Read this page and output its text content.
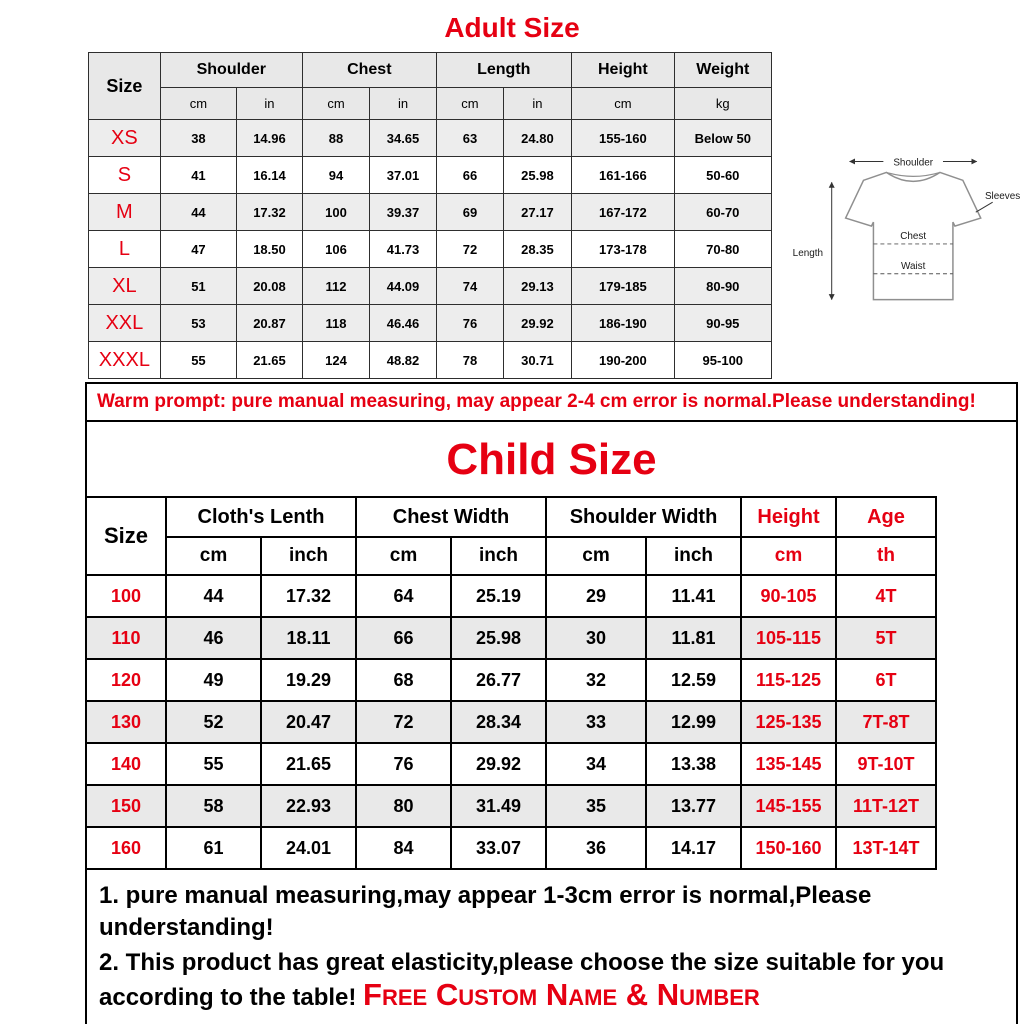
Adult Size
Size	Shoulder		Chest		Length		Height	Weight
	cm	in	cm	in	cm	in	cm	kg
XS	38	14.96	88	34.65	63	24.80	155-160	Below 50
S	41	16.14	94	37.01	66	25.98	161-166	50-60
M	44	17.32	100	39.37	69	27.17	167-172	60-70
L	47	18.50	106	41.73	72	28.35	173-178	70-80
XL	51	20.08	112	44.09	74	29.13	179-185	80-90
XXL	53	20.87	118	46.46	76	29.92	186-190	90-95
XXXL	55	21.65	124	48.82	78	30.71	190-200	95-100
Shoulder
Sleeves
Chest
Waist
Length
Warm prompt: pure manual measuring, may appear 2-4 cm error is normal.Please understanding!
Child Size
Size	Cloth's Lenth		Chest Width		Shoulder Width		Height	Age
	cm	inch	cm	inch	cm	inch	cm	th
100	44	17.32	64	25.19	29	11.41	90-105	4T
110	46	18.11	66	25.98	30	11.81	105-115	5T
120	49	19.29	68	26.77	32	12.59	115-125	6T
130	52	20.47	72	28.34	33	12.99	125-135	7T-8T
140	55	21.65	76	29.92	34	13.38	135-145	9T-10T
150	58	22.93	80	31.49	35	13.77	145-155	11T-12T
160	61	24.01	84	33.07	36	14.17	150-160	13T-14T

1. pure manual measuring,may appear 1-3cm error is normal,Please understanding!

2. This product has great elasticity,please choose the size suitable for you according to the table! Free Custom Name & Number
